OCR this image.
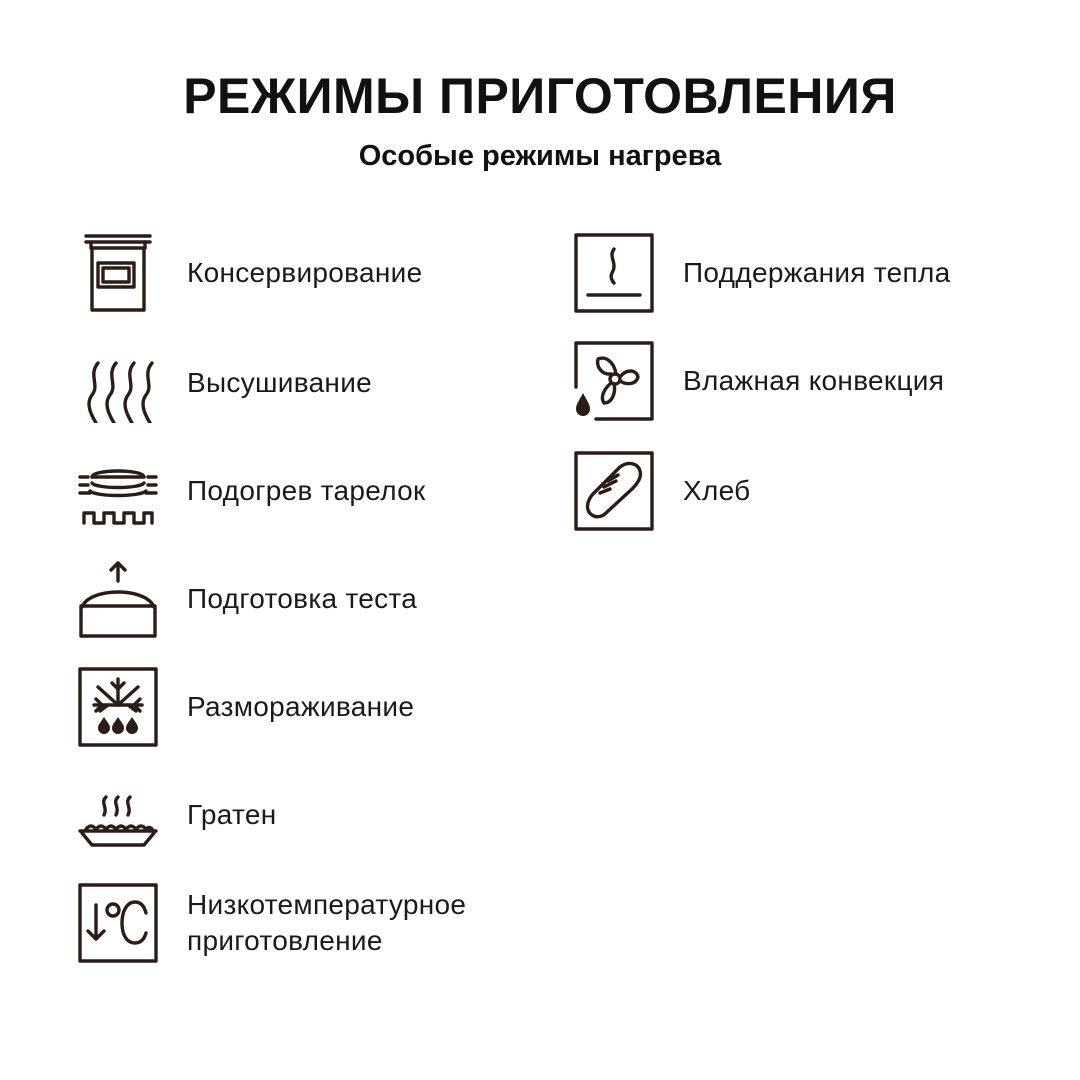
РЕЖИМЫ ПРИГОТОВЛЕНИЯ
Особые режимы нагрева
Консервирование
Высушивание
Подогрев тарелок
Подготовка теста
Размораживание
Гратен
Низкотемпературное
приготовление
Поддержания тепла
Влажная конвекция
Хлеб
